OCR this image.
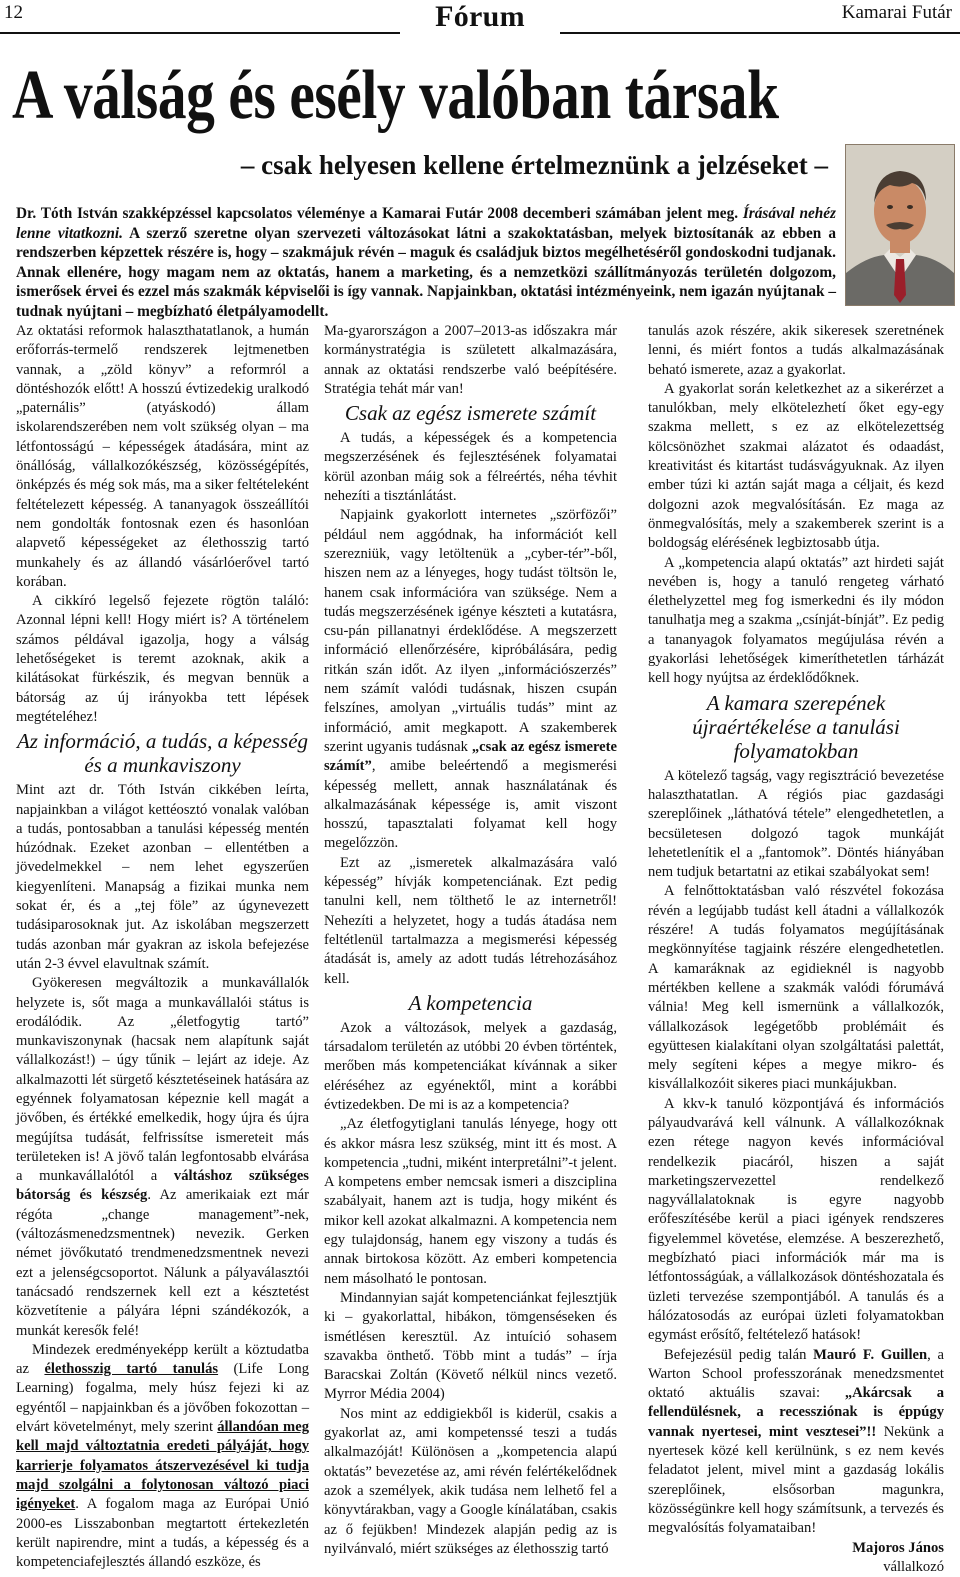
12	Fórum	Kamarai Futár
A válság és esély valóban társak
– csak helyesen kellene értelmeznünk a jelzéseket –
Dr. Tóth István szakképzéssel kapcsolatos véleménye a Kamarai Futár 2008 decemberi számában jelent meg. Írásával nehéz lenne vitatkozni. A szerző szeretne olyan szervezeti változásokat látni a szakoktatásban, melyek biztosítanák az ebben a rendszerben képzettek részére is, hogy – szakmájuk révén – maguk és családjuk biztos megélhetéséről gondoskodni tudjanak. Annak ellenére, hogy magam nem az oktatás, hanem a marketing, és a nemzetközi szállítmányozás területén dolgozom, ismerősek érvei és ezzel más szakmák képviselői is így vannak. Napjainkban, oktatási intézményeink, nem igazán nyújtanak – tudnak nyújtani – megbízható életpályamodellt.

Az oktatási reformok halaszthatatlanok, a humán erőforrás-termelő rendszerek lejtmenetben vannak, a „zöld könyv” a reformról a döntéshozók előtt! A hosszú évtizedekig uralkodó „paternális” (atyáskodó) állam iskolarendszerében nem volt szükség olyan – ma létfontosságú – képességek átadására, mint az önállóság, vállalkozókészség, közösségépítés, önképzés és még sok más, ma a siker feltételeként feltételezett képesség. A tananyagok összeállítói nem gondolták fontosnak ezen és hasonlóan alapvető képességeket az élethosszig tartó munkahely és az állandó vásárlóerővel tartó korában.

A cikkíró legelső fejezete rögtön találó: Azonnal lépni kell! Hogy miért is? A történelem számos példával igazolja, hogy a válság lehetőségeket is teremt azoknak, akik a kilátásokat fürkészik, és megvan bennük a bátorság az új irányokba tett lépések megtételéhez!

Az információ, a tudás, a képesség és a munkaviszony

Mint azt dr. Tóth István cikkében leírta, napjainkban a világot kettéosztó vonalak valóban a tudás, pontosabban a tanulási képesség mentén húzódnak. Ezeket azonban – ellentétben a jövedelmekkel – nem lehet egyszerűen kiegyenlíteni. Manapság a fizikai munka nem sokat ér, és a „tej föle” az úgynevezett tudásiparosoknak jut. Az iskolában megszerzett tudás azonban már gyakran az iskola befejezése után 2-3 évvel elavultnak számít.

Gyökeresen megváltozik a munkavállalók helyzete is, sőt maga a munkavállalói státus is erodálódik. Az „életfogytig tartó” munkaviszonynak (hacsak nem alapítunk saját vállalkozást!) – úgy tűnik – lejárt az ideje. Az alkalmazotti lét sürgető késztetéseinek hatására az egyénnek folyamatosan képeznie kell magát a jövőben, és értékké emelkedik, hogy újra és újra megújítsa tudását, felfrissítse ismereteit más területeken is! A jövő talán legfontosabb elvárása a munkavállalótól a váltáshoz szükséges bátorság és készség. Az amerikaiak ezt már régóta „change management”-nek, (változásmenedzsmentnek) nevezik. Gerken német jövőkutató trendmenedzsmentnek nevezi ezt a jelenségcsoportot. Nálunk a pályaválasztói tanácsadó rendszernek kell ezt a késztetést közvetítenie a pályára lépni szándékozók, a munkát keresők felé!

Mindezek eredményeképp került a köztudatba az élethosszig tartó tanulás (Life Long Learning) fogalma, mely húsz fejezi ki az egyéntől – napjainkban és a jövőben fokozottan – elvárt követelményt, mely szerint állandóan meg kell majd változtatnia eredeti pályáját, hogy karrierje folyamatos átszervezésével ki tudja majd szolgálni a folytonosan változó piaci igényeket. A fogalom maga az Európai Unió 2000-es Lisszabonban megtartott értekezletén került napirendre, mint a tudás, a képesség és a kompetenciafejlesztés állandó eszköze, és

Ma-gyarországon a 2007–2013-as időszakra már kormánystratégia is született alkalmazására, annak az oktatási rendszerbe való beépítésére. Stratégia tehát már van!

Csak az egész ismerete számít

A tudás, a képességek és a kompetencia megszerzésének és fejlesztésének folyamatai körül azonban máig sok a félreértés, néha tévhit nehezíti a tisztánlátást.

Napjaink gyakorlott internetes „szörfözői” például nem aggódnak, ha információt kell szerezniük, vagy letöltenük a „cyber-tér”-ből, hiszen nem az a lényeges, hogy tudást töltsön le, hanem csak információra van szüksége. Nem a tudás megszerzésének igénye készteti a kutatásra, csu-pán pillanatnyi érdeklődése. A megszerzett információ ellenőrzésére, kipróbálására, pedig ritkán szán időt. Az ilyen „információszerzés” nem számít valódi tudásnak, hiszen csupán felszínes, amolyan „virtuális tudás” mint az információ, amit megkapott. A szakemberek szerint ugyanis tudásnak „csak az egész ismerete számít”, amibe beleértendő a megismerési képesség mellett, annak használatának és alkalmazásának képessége is, amit viszont hosszú, tapasztalati folyamat kell hogy megelőzzön.

Ezt az „ismeretek alkalmazására való képesség” hívják kompetenciának. Ezt pedig tanulni kell, nem tölthető le az internetről! Nehezíti a helyzetet, hogy a tudás átadása nem feltétlenül tartalmazza a megismerési képesség átadását is, amely az adott tudás létrehozásához kell.

A kompetencia

Azok a változások, melyek a gazdaság, társadalom területén az utóbbi 20 évben történtek, merőben más kompetenciákat kívánnak a siker eléréséhez az egyénektől, mint a korábbi évtizedekben. De mi is az a kompetencia?

„Az életfogytiglani tanulás lényege, hogy ott és akkor másra lesz szükség, mint itt és most. A kompetencia „tudni, miként interpretálni”-t jelent. A kompetens ember nemcsak ismeri a diszciplina szabályait, hanem azt is tudja, hogy miként és mikor kell azokat alkalmazni. A kompetencia nem egy tulajdonság, hanem egy viszony a tudás és annak birtokosa között. Az emberi kompetencia nem másolható le pontosan.

Mindannyian saját kompetenciánkat fejlesztjük ki – gyakorlattal, hibákon, tömgenséseken és ismétlésen keresztül. Az intuíció sohasem szavakba önthető. Több mint a tudás” – írja Baracskai Zoltán (Követő nélkül nincs vezető. Myrror Média 2004)

Nos mint az eddigiekből is kiderül, csakis a gyakorlat az, ami kompetenssé teszi a tudás alkalmazóját! Különösen a „kompetencia alapú oktatás” bevezetése az, ami révén felértékelődnek azok a személyek, akik tudása nem lelhető fel a könyvtárakban, vagy a Google kínálatában, csakis az ő fejükben! Mindezek alapján pedig az is nyilvánvaló, miért szükséges az élethosszig tartó

tanulás azok részére, akik sikeresek szeretnének lenni, és miért fontos a tudás alkalmazásának beható ismerete, azaz a gyakorlat.

A gyakorlat során keletkezhet az a sikerérzet a tanulókban, mely elkötelezhetí őket egy-egy szakma mellett, s ez az elkötelezettség kölcsönözhet szakmai alázatot és odaadást, kreativitást és kitartást tudásvágyuknak. Az ilyen ember túzi ki aztán saját maga a céljait, és kezd dolgozni azok megvalósításán. Ez maga az önmegvalósítás, mely a szakemberek szerint is a boldogság elérésének legbiztosabb útja.

A „kompetencia alapú oktatás” azt hirdeti saját nevében is, hogy a tanuló rengeteg várható élethelyzettel meg fog ismerkedni és ily módon tanulhatja meg a szakma „csínját-bínját”. Ez pedig a tananyagok folyamatos megújulása révén a gyakorlási lehetőségek kimeríthetetlen tárházát kell hogy nyújtsa az érdeklődőknek.

A kamara szerepének újraértékelése a tanulási folyamatokban

A kötelező tagság, vagy regisztráció bevezetése halaszthatatlan. A régiós piac gazdasági szereplőinek „láthatóvá tétele” elengedhetetlen, a becsületesen dolgozó tagok munkáját lehetetlenítik el a „fantomok”. Döntés hiányában nem tudjuk betartatni az etikai szabályokat sem!

A felnőttoktatásban való részvétel fokozása révén a legújabb tudást kell átadni a vállalkozók részére! A tudás folyamatos megújításának megkönnyítése tagjaink részére elengedhetetlen. A kamaráknak az egidieknél is nagyobb mértékben kellene a szakmák valódi fórumává válnia! Meg kell ismernünk a vállalkozók, vállalkozások legégetőbb problémáit és együttesen kialakítani olyan szolgáltatási palettát, mely segíteni képes a megye mikro- és kisvállalkozóit sikeres piaci munkájukban.

A kkv-k tanuló központjává és információs pályaudvarává kell válnunk. A vállalkozóknak ezen rétege nagyon kevés információval rendelkezik piacáról, hiszen a saját marketingszervezettel rendelkező nagyvállalatoknak is egyre nagyobb erőfeszítésébe kerül a piaci igények rendszeres figyelemmel követése, elemzése. A beszerezhető, megbízható piaci információk már ma is létfontosságúak, a vállalkozások döntéshozatala és üzleti tervezése szempontjából. A tanulás és a hálózatosodás az európai üzleti folyamatokban egymást erősítő, feltételező hatások!

Befejezésül pedig talán Mauró F. Guillen, a Warton School professzorának menedzsmentet oktató aktuális szavai: „Akárcsak a fellendülésnek, a recessziónak is éppúgy vannak nyertesei, mint vesztesei”!! Nekünk a nyertesek közé kell kerülnünk, s ez nem kevés feladatot jelent, mivel mint a gazdaság lokális szereplőinek, elsősorban magunkra, közösségünkre kell hogy számítsunk, a tervezés és megvalósítás folyamataiban!

Majoros János

vállalkozó
